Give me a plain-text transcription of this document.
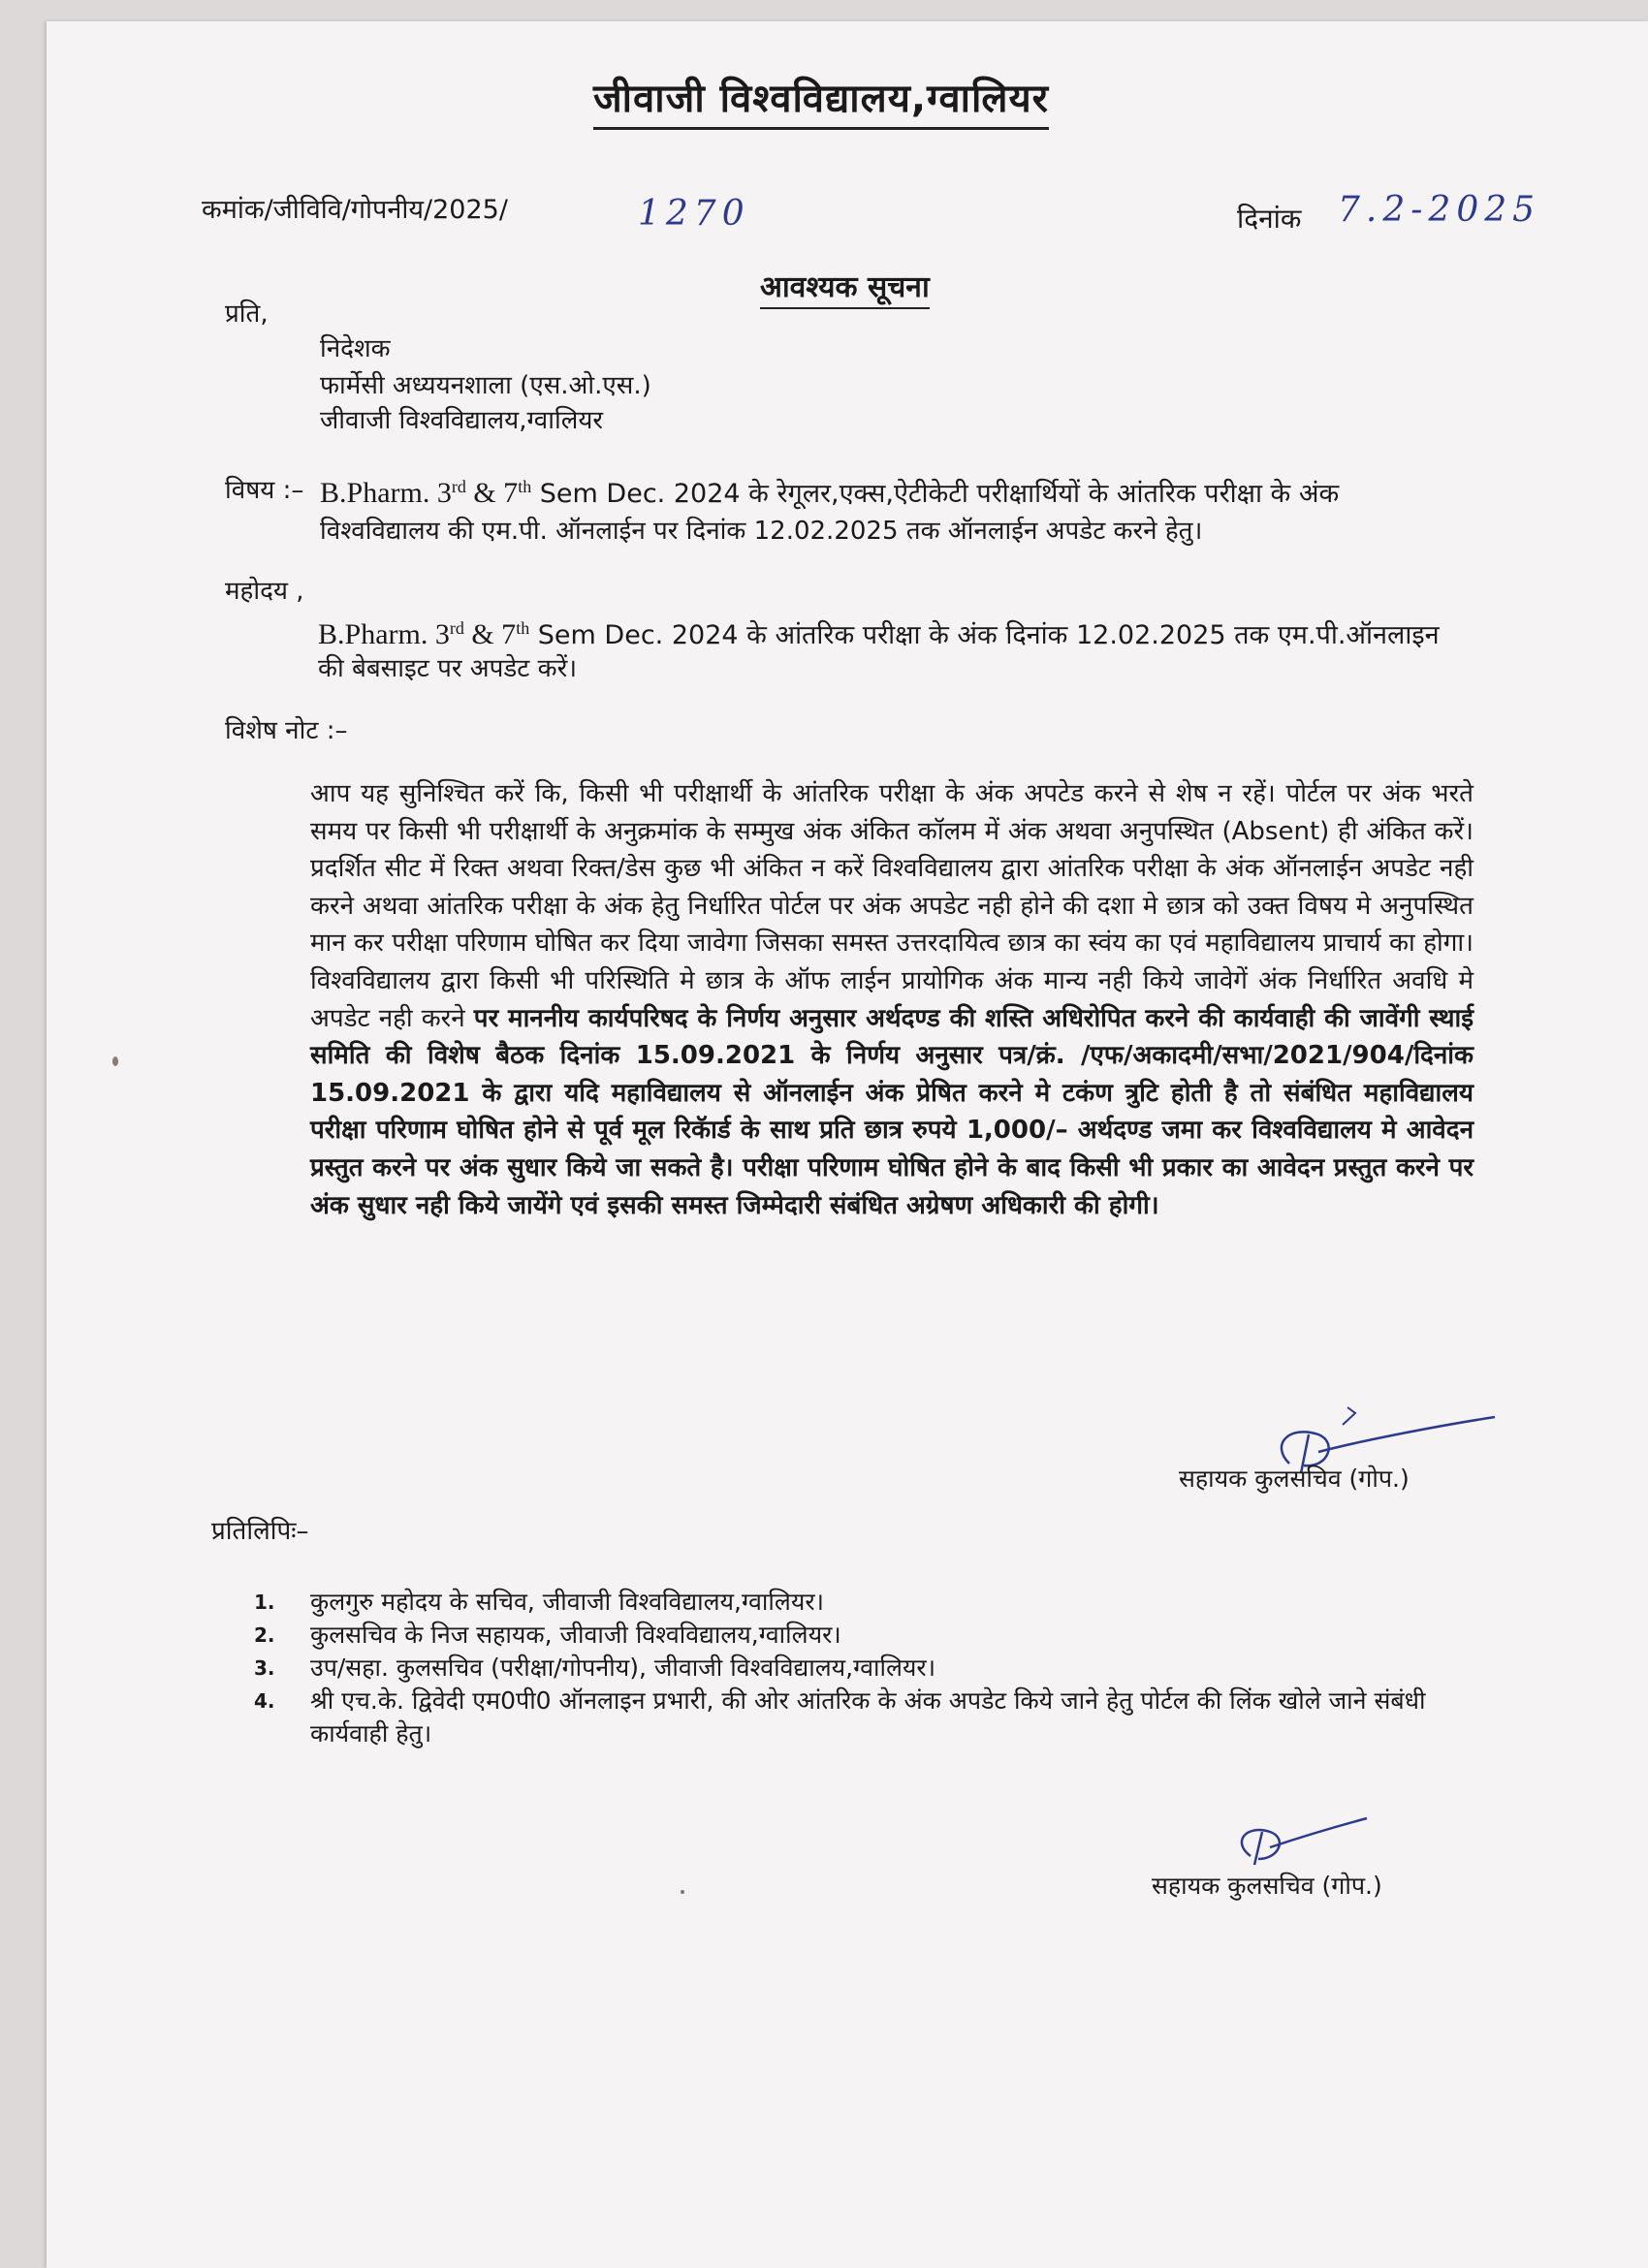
जीवाजी विश्वविद्यालय,ग्वालियर
कमांक/जीविवि/गोपनीय/2025/	1270	दिनांक 7.2-2025
आवश्यक सूचना
प्रति,
निदेशक
फार्मेसी अध्ययनशाला (एस.ओ.एस.)
जीवाजी विश्वविद्यालय,ग्वालियर
विषय :– B.Pharm. 3rd & 7th Sem Dec. 2024 के रेगूलर,एक्स,ऐटीकेटी परीक्षार्थियों के आंतरिक परीक्षा के अंक
विश्वविद्यालय की एम.पी. ऑनलाईन पर दिनांक 12.02.2025 तक ऑनलाईन अपडेट करने हेतु।
महोदय ,
B.Pharm. 3rd & 7th Sem Dec. 2024 के आंतरिक परीक्षा के अंक दिनांक 12.02.2025 तक एम.पी.ऑनलाइन
की बेबसाइट पर अपडेट करें।
विशेष नोट :–

आप यह सुनिश्चित करें कि, किसी भी परीक्षार्थी के आंतरिक परीक्षा के अंक अपटेड करने से शेष न रहें। पोर्टल पर अंक भरते समय पर किसी भी परीक्षार्थी के अनुक्रमांक के सम्मुख अंक अंकित कॉलम में अंक अथवा अनुपस्थित (Absent) ही अंकित करें। प्रदर्शित सीट में रिक्त अथवा रिक्त/डेस कुछ भी अंकित न करें विश्वविद्यालय द्वारा आंतरिक परीक्षा के अंक ऑनलाईन अपडेट नही करने अथवा आंतरिक परीक्षा के अंक हेतु निर्धारित पोर्टल पर अंक अपडेट नही होने की दशा मे छात्र को उक्त विषय मे अनुपस्थित मान कर परीक्षा परिणाम घोषित कर दिया जावेगा जिसका समस्त उत्तरदायित्व छात्र का स्वंय का एवं महाविद्यालय प्राचार्य का होगा। विश्वविद्यालय द्वारा किसी भी परिस्थिति मे छात्र के ऑफ लाईन प्रायोगिक अंक मान्य नही किये जावेगें अंक निर्धारित अवधि मे अपडेट नही करने पर माननीय कार्यपरिषद के निर्णय अनुसार अर्थदण्ड की शस्ति अधिरोपित करने की कार्यवाही की जावेंगी स्थाई समिति की विशेष बैठक दिनांक 15.09.2021 के निर्णय अनुसार पत्र/क्रं. /एफ/अकादमी/सभा/2021/904/दिनांक 15.09.2021 के द्वारा यदि महाविद्यालय से ऑनलाईन अंक प्रेषित करने मे टकंण त्रुटि होती है तो संबंधित महाविद्यालय परीक्षा परिणाम घोषित होने से पूर्व मूल रिकॅार्ड के साथ प्रति छात्र रुपये 1,000/– अर्थदण्ड जमा कर विश्वविद्यालय मे आवेदन प्रस्तुत करने पर अंक सुधार किये जा सकते है। परीक्षा परिणाम घोषित होने के बाद किसी भी प्रकार का आवेदन प्रस्तुत करने पर अंक सुधार नही किये जायेंगे एवं इसकी समस्त जिम्मेदारी संबंधित अग्रेषण अधिकारी की होगी।

सहायक कुलसचिव (गोप.)
प्रतिलिपिः–
1.	कुलगुरु महोदय के सचिव, जीवाजी विश्वविद्यालय,ग्वालियर।
2.	कुलसचिव के निज सहायक, जीवाजी विश्वविद्यालय,ग्वालियर।
3.	उप/सहा. कुलसचिव (परीक्षा/गोपनीय), जीवाजी विश्वविद्यालय,ग्वालियर।
4.	श्री एच.के. द्विवेदी एम0पी0 ऑनलाइन प्रभारी, की ओर आंतरिक के अंक अपडेट किये जाने हेतु पोर्टल की लिंक खोले जाने संबंधी कार्यवाही हेतु।
सहायक कुलसचिव (गोप.)
